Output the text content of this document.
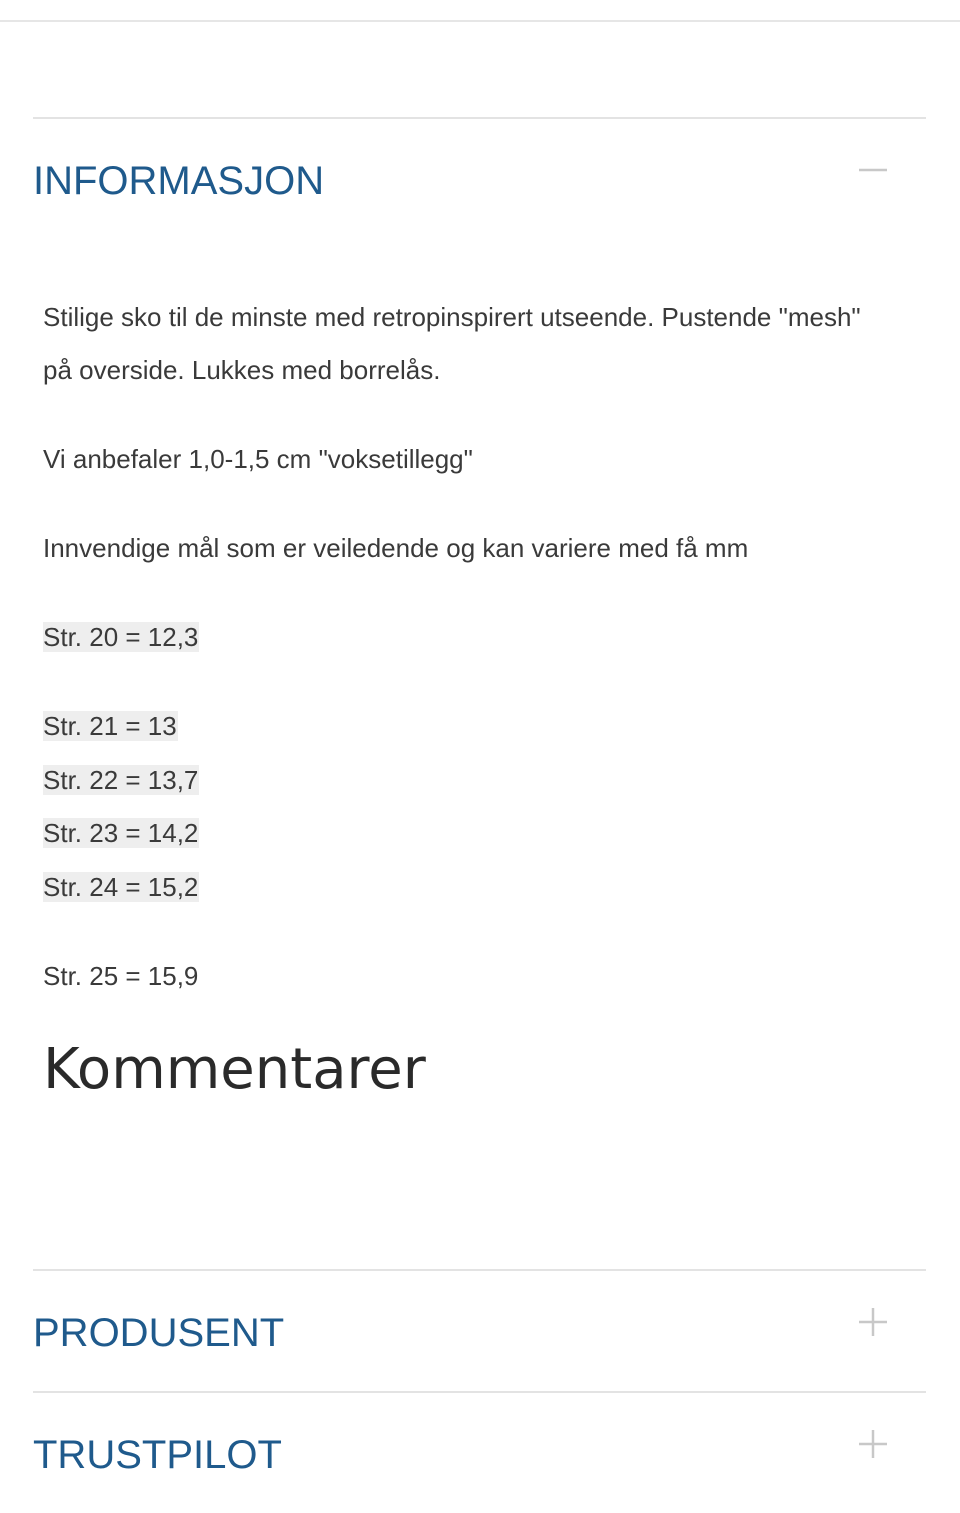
INFORMASJON
Stilige sko til de minste med retropinspirert utseende. Pustende "mesh"
på overside. Lukkes med borrelås.
Vi anbefaler 1,0-1,5 cm "voksetillegg"
Innvendige mål som er veiledende og kan variere med få mm
Str. 20 = 12,3
Str. 21 = 13
Str. 22 = 13,7
Str. 23 = 14,2
Str. 24 = 15,2
Str. 25 = 15,9
Kommentarer
PRODUSENT
TRUSTPILOT
